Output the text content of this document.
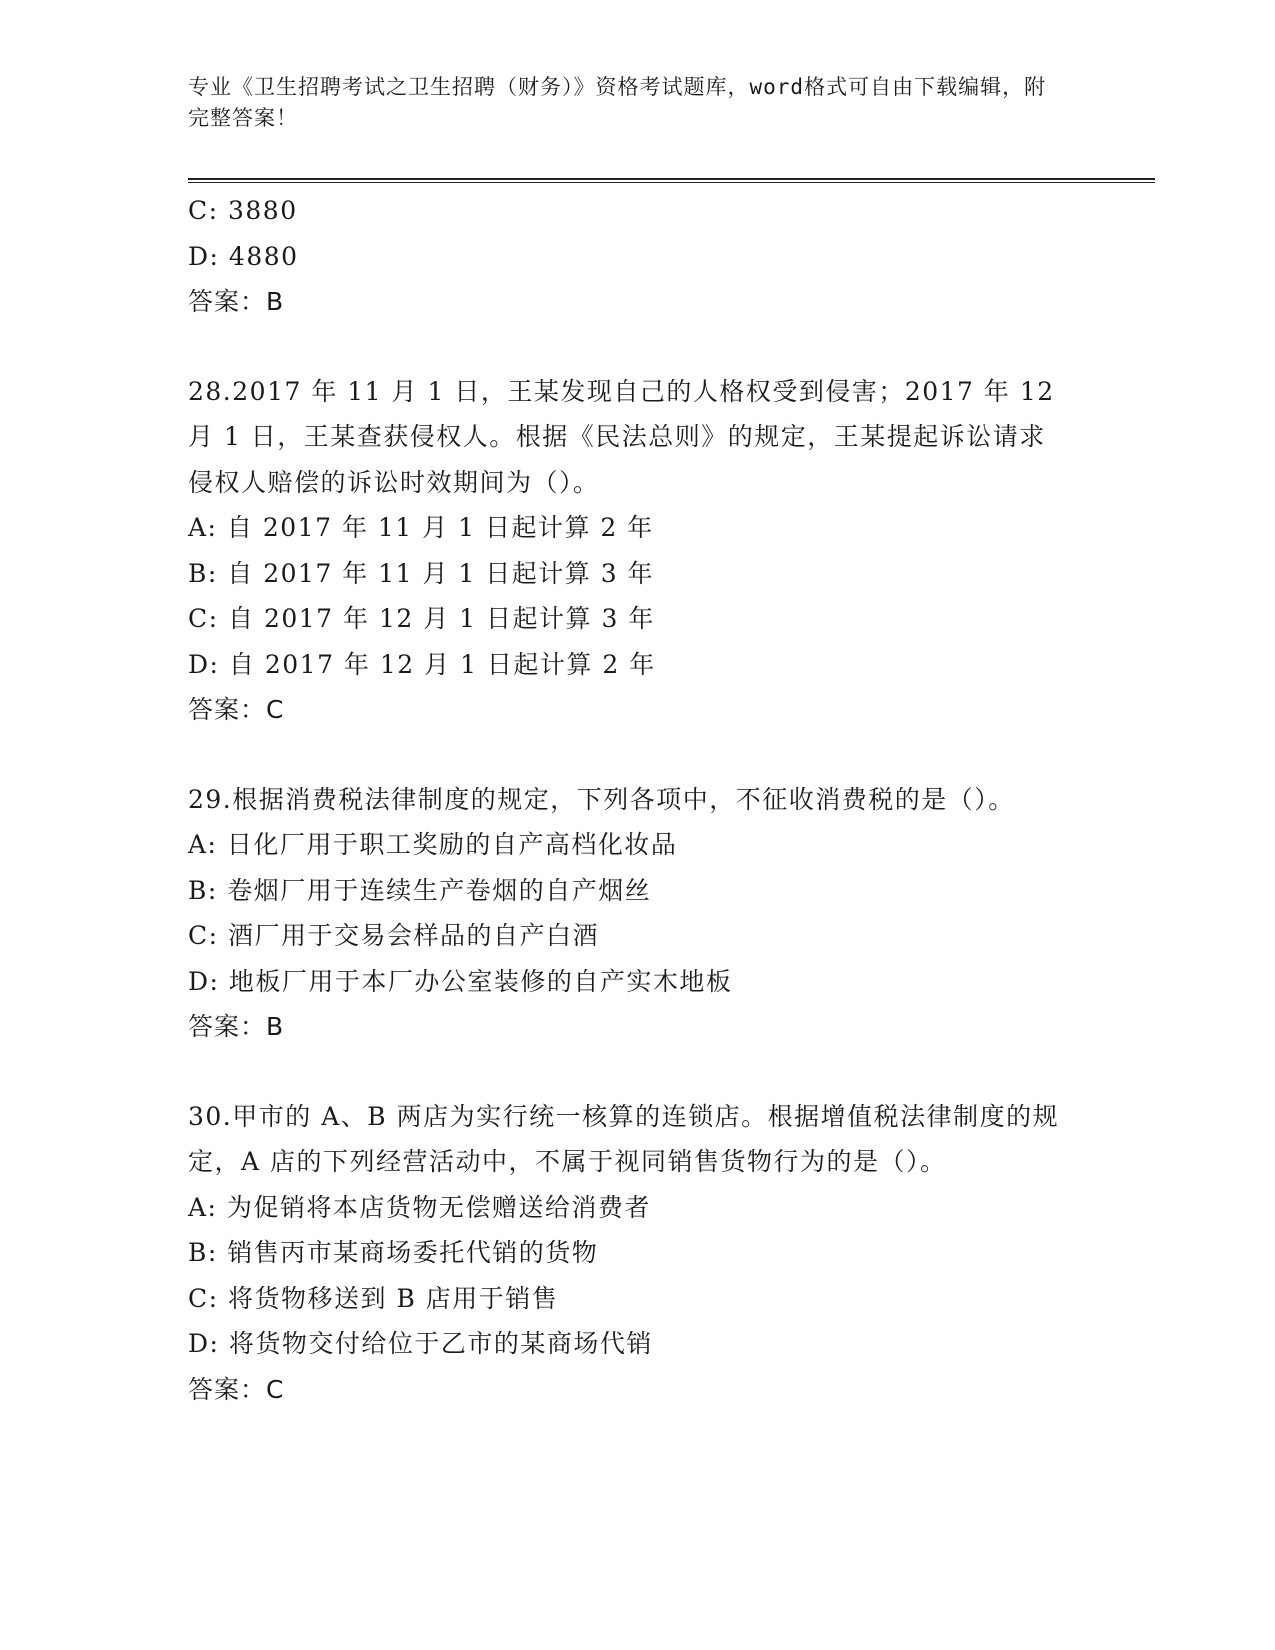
专业《卫生招聘考试之卫生招聘（财务）》资格考试题库，word格式可自由下载编辑，附完整答案！
C: 3880
D: 4880
答案：B
28.2017 年 11 月 1 日，王某发现自己的人格权受到侵害；2017 年 12 月 1 日，王某查获侵权人。根据《民法总则》的规定，王某提起诉讼请求侵权人赔偿的诉讼时效期间为（）。
A: 自 2017 年 11 月 1 日起计算 2 年
B: 自 2017 年 11 月 1 日起计算 3 年
C: 自 2017 年 12 月 1 日起计算 3 年
D: 自 2017 年 12 月 1 日起计算 2 年
答案：C
29.根据消费税法律制度的规定，下列各项中，不征收消费税的是（）。
A: 日化厂用于职工奖励的自产高档化妆品
B: 卷烟厂用于连续生产卷烟的自产烟丝
C: 酒厂用于交易会样品的自产白酒
D: 地板厂用于本厂办公室装修的自产实木地板
答案：B
30.甲市的 A、B 两店为实行统一核算的连锁店。根据增值税法律制度的规定，A 店的下列经营活动中，不属于视同销售货物行为的是（）。
A: 为促销将本店货物无偿赠送给消费者
B: 销售丙市某商场委托代销的货物
C: 将货物移送到 B 店用于销售
D: 将货物交付给位于乙市的某商场代销
答案：C
